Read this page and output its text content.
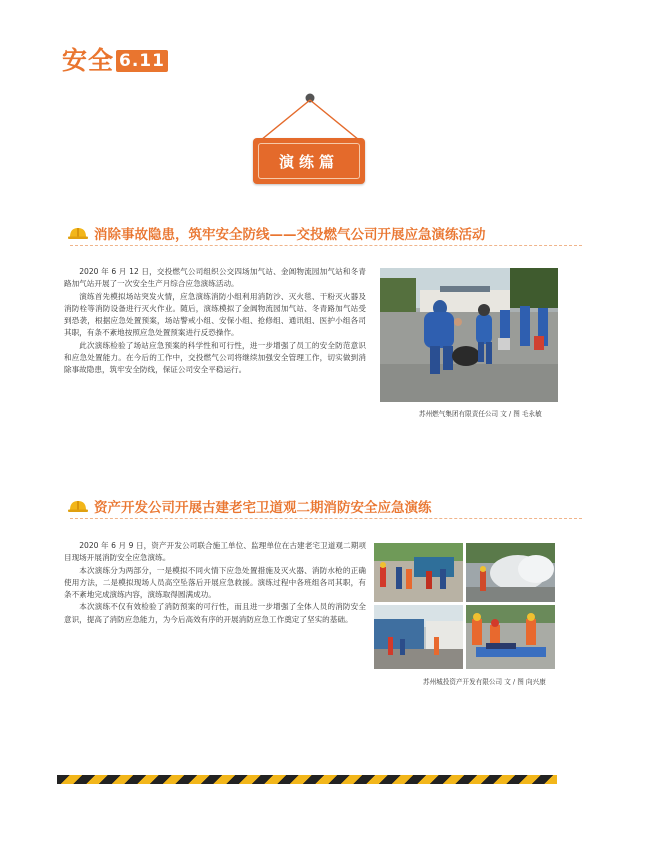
安全 6.11
演练篇
消除事故隐患，筑牢安全防线——交投燃气公司开展应急演练活动

2020 年 6 月 12 日，交投燃气公司组织公交四场加气站、金阊物流园加气站和冬青路加气站开展了一次安全生产月综合应急演练活动。

演练首先模拟场站突发火情，应急演练消防小组利用消防沙、灭火毯、干粉灭火器及消防栓等消防设备进行灭火作业。随后，演练模拟了金阊物流园加气站、冬青路加气站受到恐袭，根据应急处置预案，场站警戒小组、安保小组、抢修组、通讯组、医护小组各司其职，有条不紊地按照应急处置预案进行反恐操作。

此次演练检验了场站应急预案的科学性和可行性，进一步增强了员工的安全防范意识和应急处置能力。在今后的工作中，交投燃气公司将继续加强安全管理工作，切实做到消除事故隐患，筑牢安全防线，保证公司安全平稳运行。

苏州燃气集团有限责任公司 文 / 图 毛永敏
资产开发公司开展古建老宅卫道观二期消防安全应急演练

2020 年 6 月 9 日，资产开发公司联合施工单位、监理单位在古建老宅卫道观二期项目现场开展消防安全应急演练。

本次演练分为两部分，一是模拟不同火情下应急处置措施及灭火器、消防水枪的正确使用方法，二是模拟现场人员高空坠落后开展应急救援。演练过程中各班组各司其职，有条不紊地完成演练内容，演练取得圆满成功。

本次演练不仅有效检验了消防预案的可行性，而且进一步增强了全体人员的消防安全意识，提高了消防应急能力，为今后高效有序的开展消防应急工作奠定了坚实的基础。

苏州城投资产开发有限公司 文 / 图 向兴康
